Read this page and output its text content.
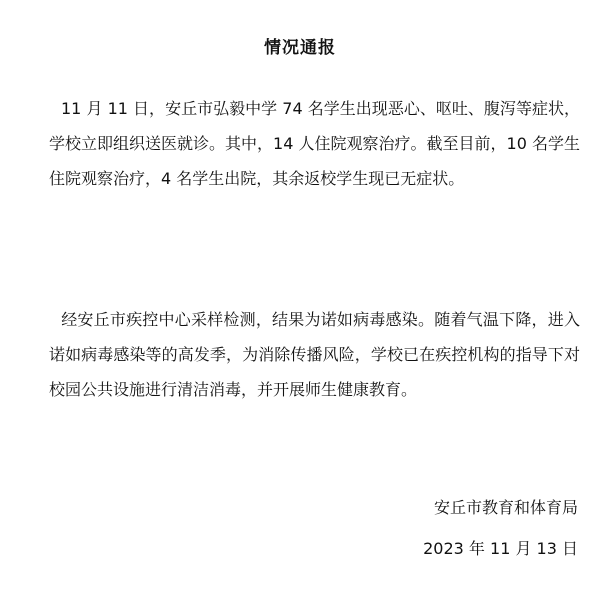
情况通报

11 月 11 日，安丘市弘毅中学 74 名学生出现恶心、呕吐、腹泻等症状，学校立即组织送医就诊。其中，14 人住院观察治疗。截至目前，10 名学生住院观察治疗，4 名学生出院，其余返校学生现已无症状。

经安丘市疾控中心采样检测，结果为诺如病毒感染。随着气温下降，进入诺如病毒感染等的高发季，为消除传播风险，学校已在疾控机构的指导下对校园公共设施进行清洁消毒，并开展师生健康教育。

安丘市教育和体育局
2023 年 11 月 13 日
